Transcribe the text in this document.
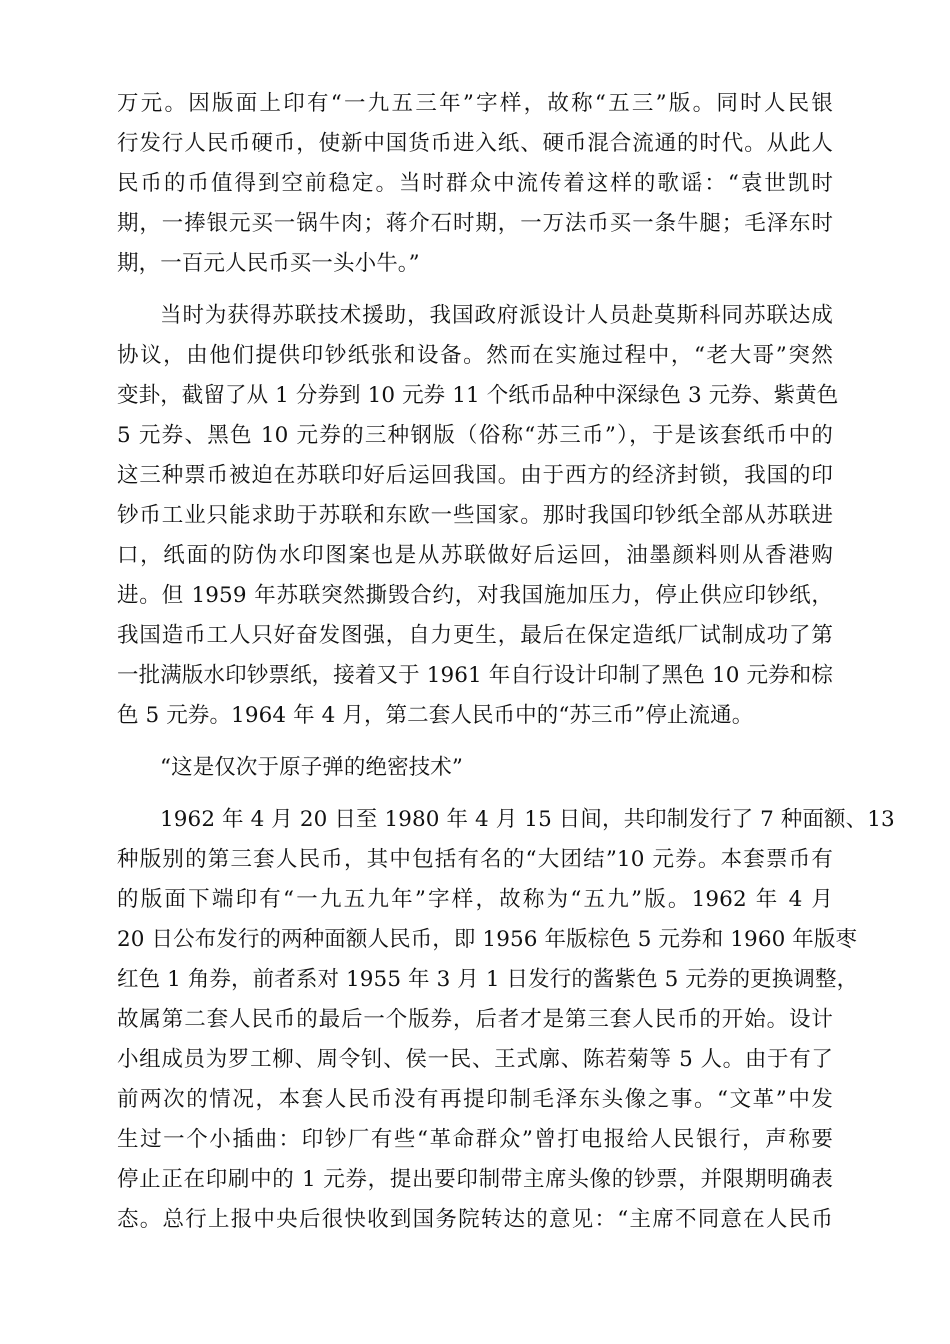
万元。因版面上印有“一九五三年”字样，故称“五三”版。同时人民银
行发行人民币硬币，使新中国货币进入纸、硬币混合流通的时代。从此人
民币的币值得到空前稳定。当时群众中流传着这样的歌谣：“袁世凯时
期，一捧银元买一锅牛肉；蒋介石时期，一万法币买一条牛腿；毛泽东时
期，一百元人民币买一头小牛。”
当时为获得苏联技术援助，我国政府派设计人员赴莫斯科同苏联达成
协议，由他们提供印钞纸张和设备。然而在实施过程中，“老大哥”突然
变卦，截留了从 1 分券到 10 元券 11 个纸币品种中深绿色 3 元券、紫黄色
5 元券、黑色 10 元券的三种钢版（俗称“苏三币”），于是该套纸币中的
这三种票币被迫在苏联印好后运回我国。由于西方的经济封锁，我国的印
钞币工业只能求助于苏联和东欧一些国家。那时我国印钞纸全部从苏联进
口，纸面的防伪水印图案也是从苏联做好后运回，油墨颜料则从香港购
进。但 1959 年苏联突然撕毁合约，对我国施加压力，停止供应印钞纸，
我国造币工人只好奋发图强，自力更生，最后在保定造纸厂试制成功了第
一批满版水印钞票纸，接着又于 1961 年自行设计印制了黑色 10 元券和棕
色 5 元券。1964 年 4 月，第二套人民币中的“苏三币”停止流通。
“这是仅次于原子弹的绝密技术”
1962 年 4 月 20 日至 1980 年 4 月 15 日间，共印制发行了 7 种面额、13
种版别的第三套人民币，其中包括有名的“大团结”10 元券。本套票币有
的版面下端印有“一九五九年”字样，故称为“五九”版。1962 年 4 月
20 日公布发行的两种面额人民币，即 1956 年版棕色 5 元券和 1960 年版枣
红色 1 角券，前者系对 1955 年 3 月 1 日发行的酱紫色 5 元券的更换调整，
故属第二套人民币的最后一个版券，后者才是第三套人民币的开始。设计
小组成员为罗工柳、周令钊、侯一民、王式廓、陈若菊等 5 人。由于有了
前两次的情况，本套人民币没有再提印制毛泽东头像之事。“文革”中发
生过一个小插曲：印钞厂有些“革命群众”曾打电报给人民银行，声称要
停止正在印刷中的 1 元券，提出要印制带主席头像的钞票，并限期明确表
态。总行上报中央后很快收到国务院转达的意见：“主席不同意在人民币
